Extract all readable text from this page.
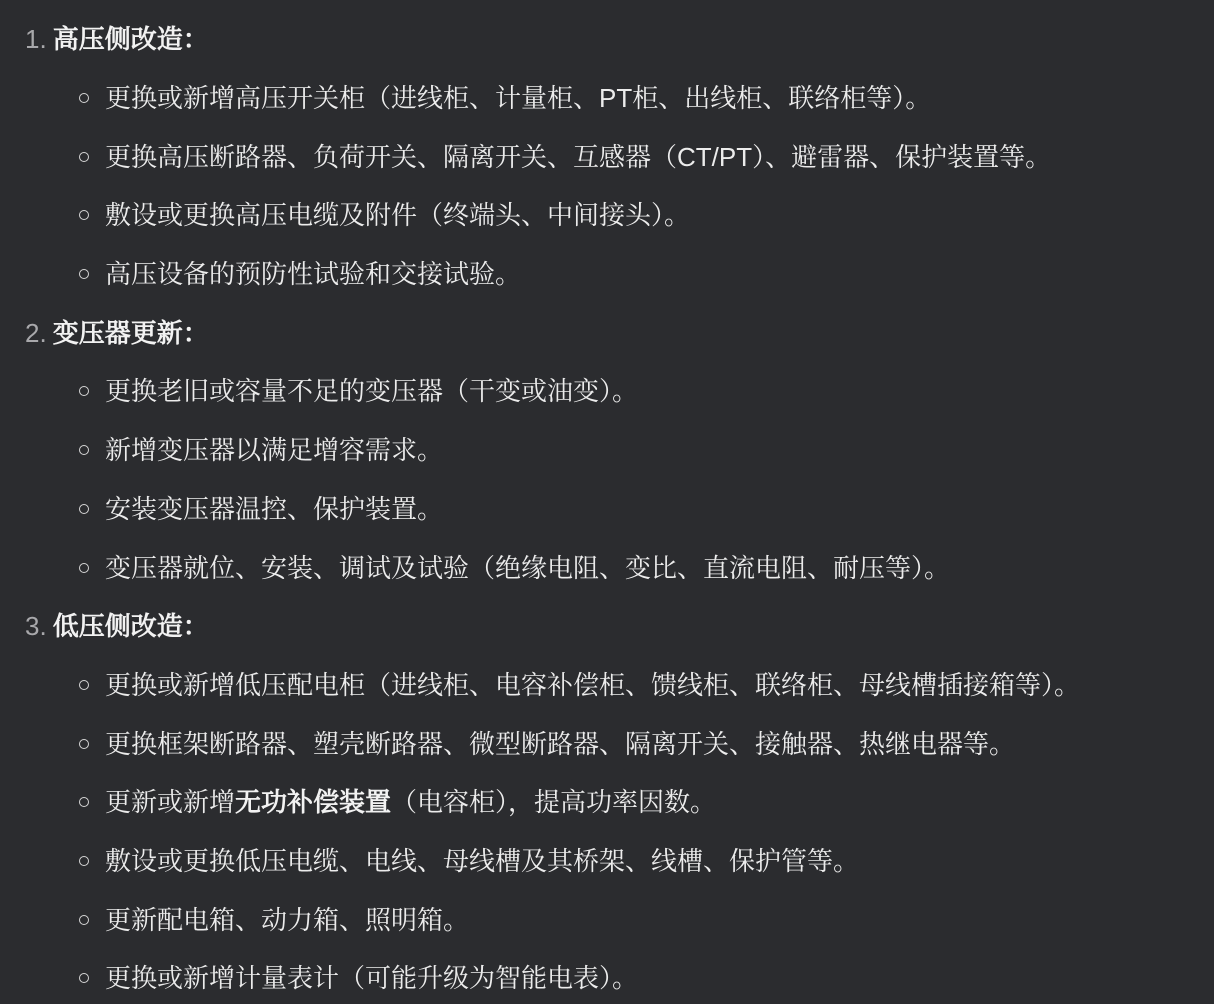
1. 高压侧改造：
更换或新增高压开关柜（进线柜、计量柜、PT柜、出线柜、联络柜等）。
更换高压断路器、负荷开关、隔离开关、互感器（CT/PT）、避雷器、保护装置等。
敷设或更换高压电缆及附件（终端头、中间接头）。
高压设备的预防性试验和交接试验。
2. 变压器更新：
更换老旧或容量不足的变压器（干变或油变）。
新增变压器以满足增容需求。
安装变压器温控、保护装置。
变压器就位、安装、调试及试验（绝缘电阻、变比、直流电阻、耐压等）。
3. 低压侧改造：
更换或新增低压配电柜（进线柜、电容补偿柜、馈线柜、联络柜、母线槽插接箱等）。
更换框架断路器、塑壳断路器、微型断路器、隔离开关、接触器、热继电器等。
更新或新增无功补偿装置（电容柜），提高功率因数。
敷设或更换低压电缆、电线、母线槽及其桥架、线槽、保护管等。
更新配电箱、动力箱、照明箱。
更换或新增计量表计（可能升级为智能电表）。
